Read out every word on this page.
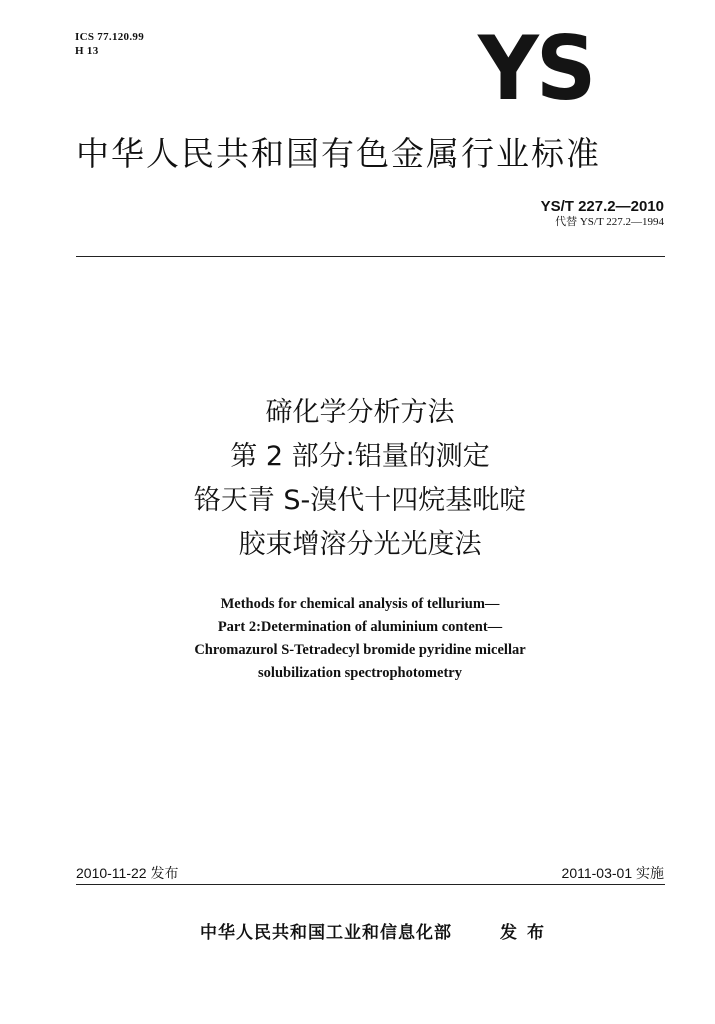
ICS 77.120.99
H 13	YS
中华人民共和国有色金属行业标准
YS/T 227.2—2010
代替 YS/T 227.2—1994
碲化学分析方法
第 2 部分:铝量的测定
铬天青 S-溴代十四烷基吡啶
胶束增溶分光光度法
Methods for chemical analysis of tellurium—
Part 2:Determination of aluminium content—
Chromazurol S-Tetradecyl bromide pyridine micellar
solubilization spectrophotometry
2010-11-22 发布	2011-03-01 实施
中华人民共和国工业和信息化部	发布
